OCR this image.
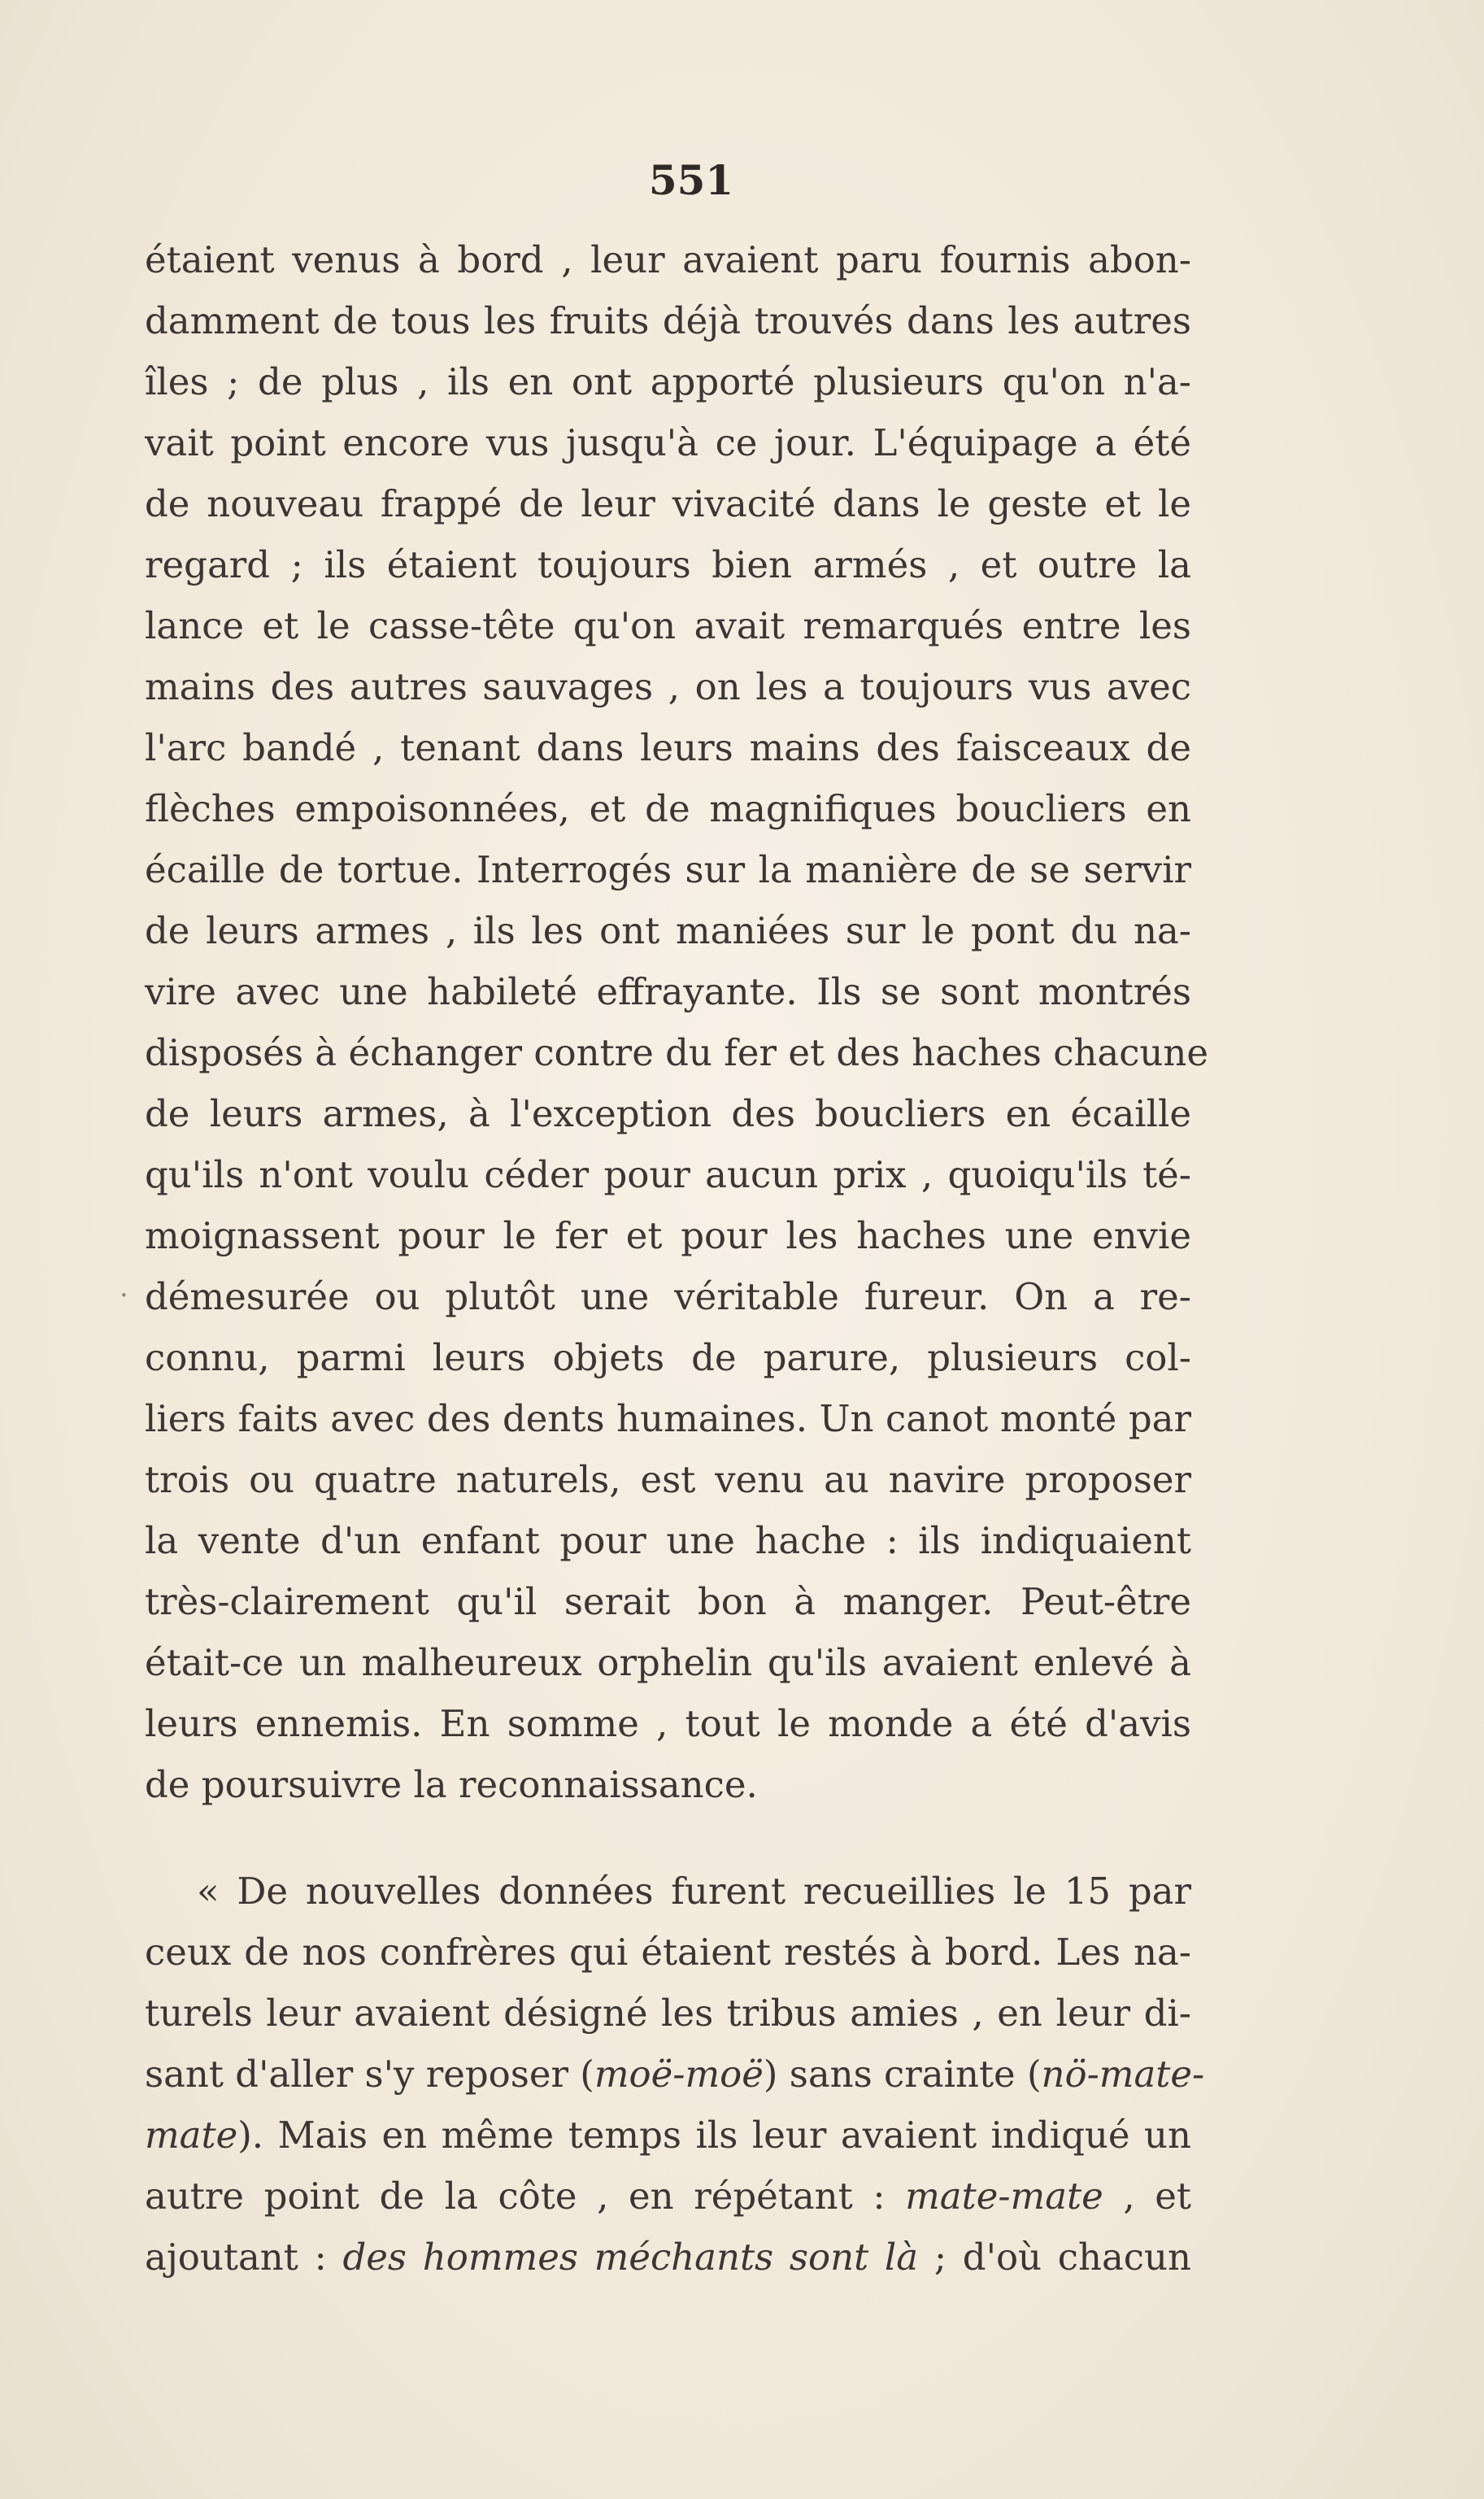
551
.
étaient venus à bord , leur avaient paru fournis abon-
damment de tous les fruits déjà trouvés dans les autres
îles ; de plus , ils en ont apporté plusieurs qu'on n'a-
vait point encore vus jusqu'à ce jour. L'équipage a été
de nouveau frappé de leur vivacité dans le geste et le
regard ; ils étaient toujours bien armés , et outre la
lance et le casse-tête qu'on avait remarqués entre les
mains des autres sauvages , on les a toujours vus avec
l'arc bandé , tenant dans leurs mains des faisceaux de
flèches empoisonnées, et de magnifiques boucliers en
écaille de tortue. Interrogés sur la manière de se servir
de leurs armes , ils les ont maniées sur le pont du na-
vire avec une habileté effrayante. Ils se sont montrés
disposés à échanger contre du fer et des haches chacune
de leurs armes, à l'exception des boucliers en écaille
qu'ils n'ont voulu céder pour aucun prix , quoiqu'ils té-
moignassent pour le fer et pour les haches une envie
démesurée ou plutôt une véritable fureur. On a re-
connu, parmi leurs objets de parure, plusieurs col-
liers faits avec des dents humaines. Un canot monté par
trois ou quatre naturels, est venu au navire proposer
la vente d'un enfant pour une hache : ils indiquaient
très-clairement qu'il serait bon à manger. Peut-être
était-ce un malheureux orphelin qu'ils avaient enlevé à
leurs ennemis. En somme , tout le monde a été d'avis
de poursuivre la reconnaissance.
« De nouvelles données furent recueillies le 15 par
ceux de nos confrères qui étaient restés à bord. Les na-
turels leur avaient désigné les tribus amies , en leur di-
sant d'aller s'y reposer (moë-moë) sans crainte (nö-mate-
mate). Mais en même temps ils leur avaient indiqué un
autre point de la côte , en répétant : mate-mate , et
ajoutant : des hommes méchants sont là ; d'où chacun
